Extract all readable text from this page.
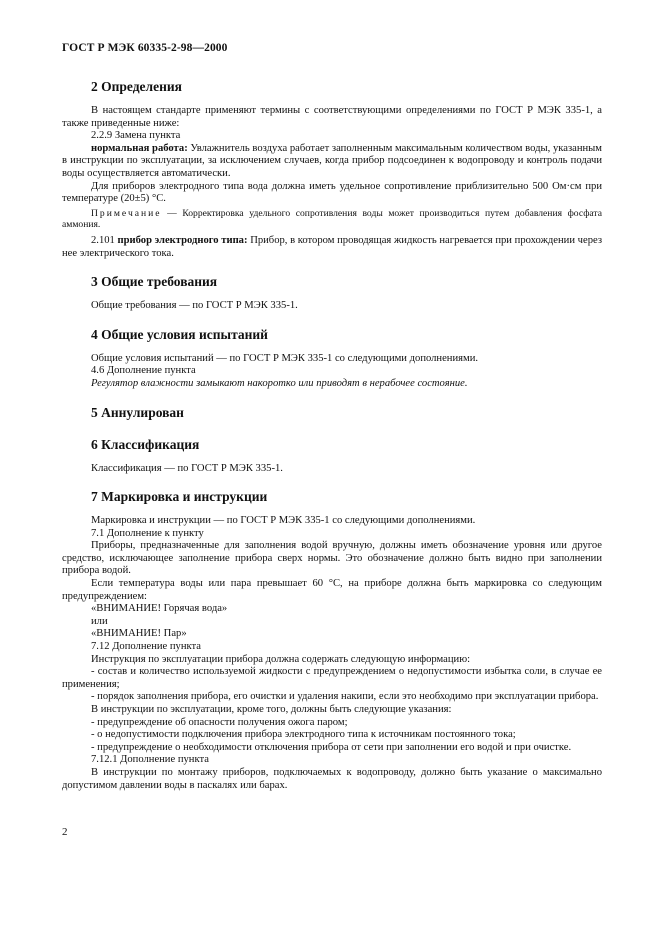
ГОСТ Р МЭК 60335-2-98—2000
2 Определения

В настоящем стандарте применяют термины с соответствующими определениями по ГОСТ Р МЭК 335-1, а также приведенные ниже:

2.2.9 Замена пункта

нормальная работа: Увлажнитель воздуха работает заполненным максимальным количеством воды, указанным в инструкции по эксплуатации, за исключением случаев, когда прибор подсоединен к водопроводу и контроль подачи воды осуществляется автоматически.

Для приборов электродного типа вода должна иметь удельное сопротивление приблизительно 500 Ом·см при температуре (20±5) °С.

Примечание — Корректировка удельного сопротивления воды может производиться путем добавления фосфата аммония.

2.101 прибор электродного типа: Прибор, в котором проводящая жидкость нагревается при прохождении через нее электрического тока.

3 Общие требования

Общие требования — по ГОСТ Р МЭК 335-1.

4 Общие условия испытаний

Общие условия испытаний — по ГОСТ Р МЭК 335-1 со следующими дополнениями.

4.6 Дополнение пункта

Регулятор влажности замыкают накоротко или приводят в нерабочее состояние.

5 Аннулирован
6 Классификация

Классификация — по ГОСТ Р МЭК 335-1.

7 Маркировка и инструкции

Маркировка и инструкции — по ГОСТ Р МЭК 335-1 со следующими дополнениями.

7.1 Дополнение к пункту

Приборы, предназначенные для заполнения водой вручную, должны иметь обозначение уровня или другое средство, исключающее заполнение прибора сверх нормы. Это обозначение должно быть видно при заполнении прибора водой.

Если температура воды или пара превышает 60 °С, на приборе должна быть маркировка со следующим предупреждением:

«ВНИМАНИЕ! Горячая вода»

или

«ВНИМАНИЕ! Пар»

7.12 Дополнение пункта

Инструкция по эксплуатации прибора должна содержать следующую информацию:

- состав и количество используемой жидкости с предупреждением о недопустимости избытка соли, в случае ее применения;

- порядок заполнения прибора, его очистки и удаления накипи, если это необходимо при эксплуатации прибора.

В инструкции по эксплуатации, кроме того, должны быть следующие указания:

- предупреждение об опасности получения ожога паром;

- о недопустимости подключения прибора электродного типа к источникам постоянного тока;

- предупреждение о необходимости отключения прибора от сети при заполнении его водой и при очистке.

7.12.1 Дополнение пункта

В инструкции по монтажу приборов, подключаемых к водопроводу, должно быть указание о максимально допустимом давлении воды в паскалях или барах.

2
